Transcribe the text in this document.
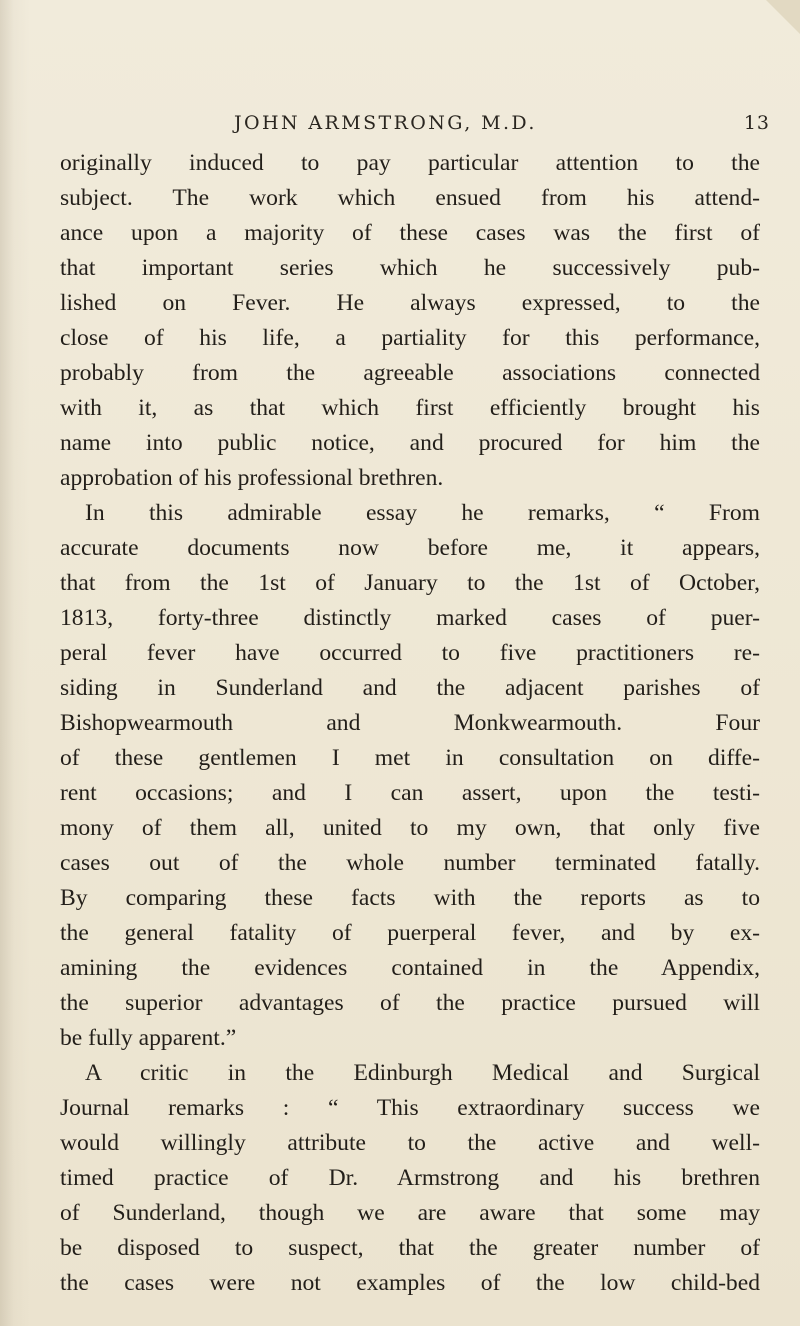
JOHN ARMSTRONG, M.D.	13
originally induced to pay particular attention to the
subject. The work which ensued from his attend-
ance upon a majority of these cases was the first of
that important series which he successively pub-
lished on Fever. He always expressed, to the
close of his life, a partiality for this performance,
probably from the agreeable associations connected
with it, as that which first efficiently brought his
name into public notice, and procured for him the
approbation of his professional brethren.
In this admirable essay he remarks, “ From
accurate documents now before me, it appears,
that from the 1st of January to the 1st of October,
1813, forty-three distinctly marked cases of puer-
peral fever have occurred to five practitioners re-
siding in Sunderland and the adjacent parishes of
Bishopwearmouth and Monkwearmouth. Four
of these gentlemen I met in consultation on diffe-
rent occasions; and I can assert, upon the testi-
mony of them all, united to my own, that only five
cases out of the whole number terminated fatally.
By comparing these facts with the reports as to
the general fatality of puerperal fever, and by ex-
amining the evidences contained in the Appendix,
the superior advantages of the practice pursued will
be fully apparent.”
A critic in the Edinburgh Medical and Surgical
Journal remarks : “ This extraordinary success we
would willingly attribute to the active and well-
timed practice of Dr. Armstrong and his brethren
of Sunderland, though we are aware that some may
be disposed to suspect, that the greater number of
the cases were not examples of the low child-bed
